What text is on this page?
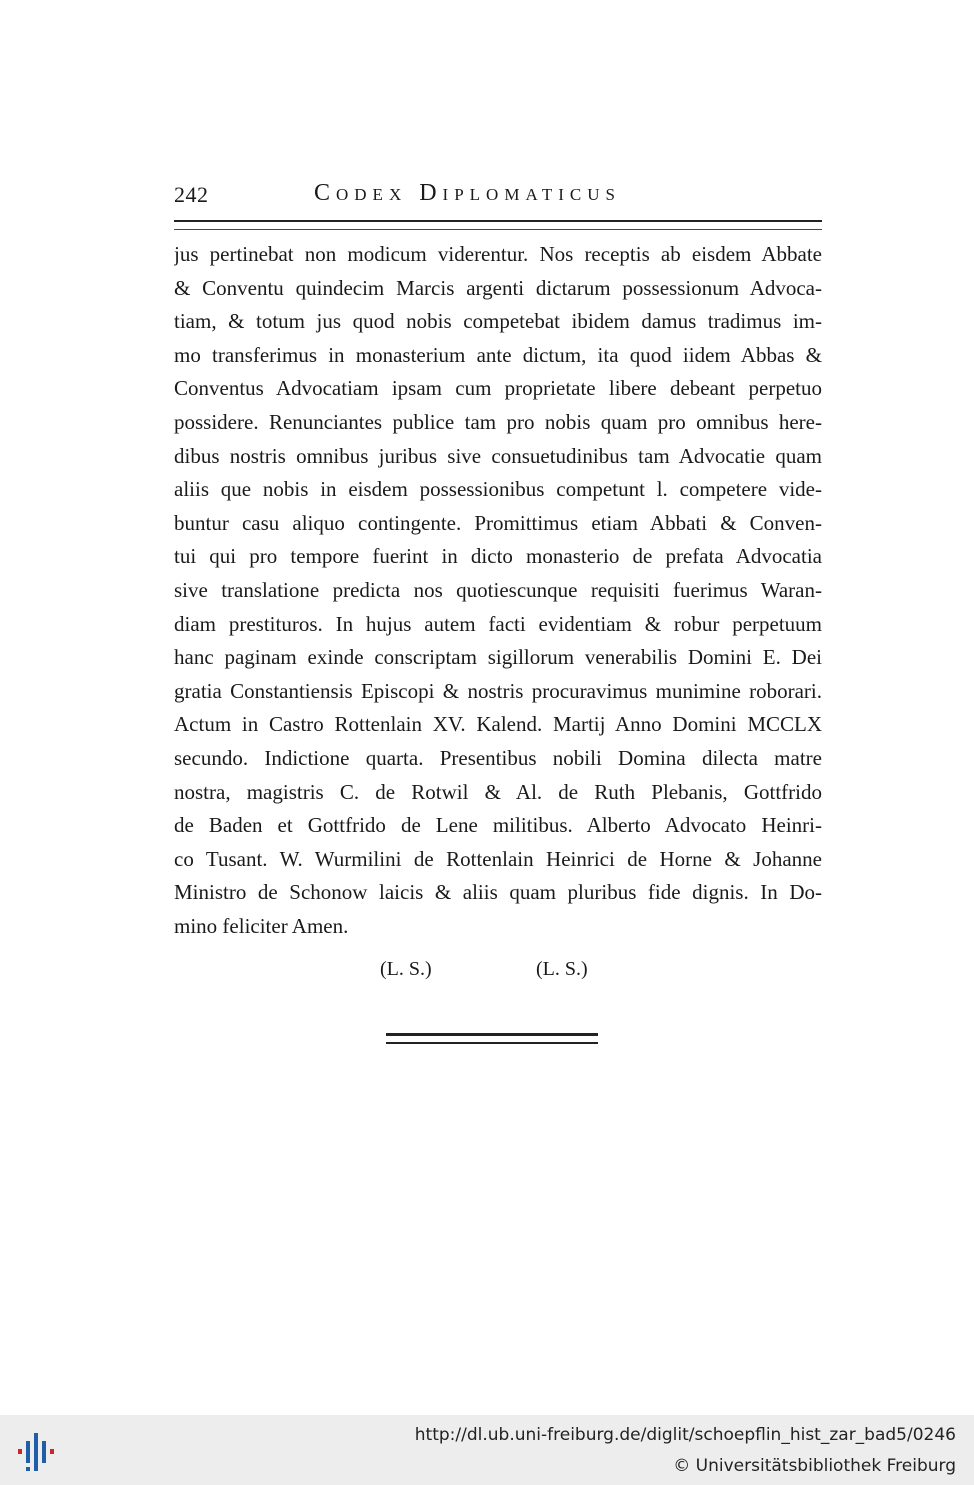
242	Codex Diplomaticus
jus pertinebat non modicum viderentur. Nos receptis ab eisdem Abbate
& Conventu quindecim Marcis argenti dictarum possessionum Advoca-
tiam, & totum jus quod nobis competebat ibidem damus tradimus im-
mo transferimus in monasterium ante dictum, ita quod iidem Abbas &
Conventus Advocatiam ipsam cum proprietate libere debeant perpetuo
possidere. Renunciantes publice tam pro nobis quam pro omnibus here-
dibus nostris omnibus juribus sive consuetudinibus tam Advocatie quam
aliis que nobis in eisdem possessionibus competunt l. competere vide-
buntur casu aliquo contingente. Promittimus etiam Abbati & Conven-
tui qui pro tempore fuerint in dicto monasterio de prefata Advocatia
sive translatione predicta nos quotiescunque requisiti fuerimus Waran-
diam prestituros. In hujus autem facti evidentiam & robur perpetuum
hanc paginam exinde conscriptam sigillorum venerabilis Domini E. Dei
gratia Constantiensis Episcopi & nostris procuravimus munimine roborari.
Actum in Castro Rottenlain XV. Kalend. Martij Anno Domini MCCLX
secundo. Indictione quarta. Presentibus nobili Domina dilecta matre
nostra, magistris C. de Rotwil & Al. de Ruth Plebanis, Gottfrido
de Baden et Gottfrido de Lene militibus. Alberto Advocato Heinri-
co Tusant. W. Wurmilini de Rottenlain Heinrici de Horne & Johanne
Ministro de Schonow laicis & aliis quam pluribus fide dignis. In Do-
mino feliciter Amen.
(L. S.)	(L. S.)
http://dl.ub.uni-freiburg.de/diglit/schoepflin_hist_zar_bad5/0246
© Universitätsbibliothek Freiburg
